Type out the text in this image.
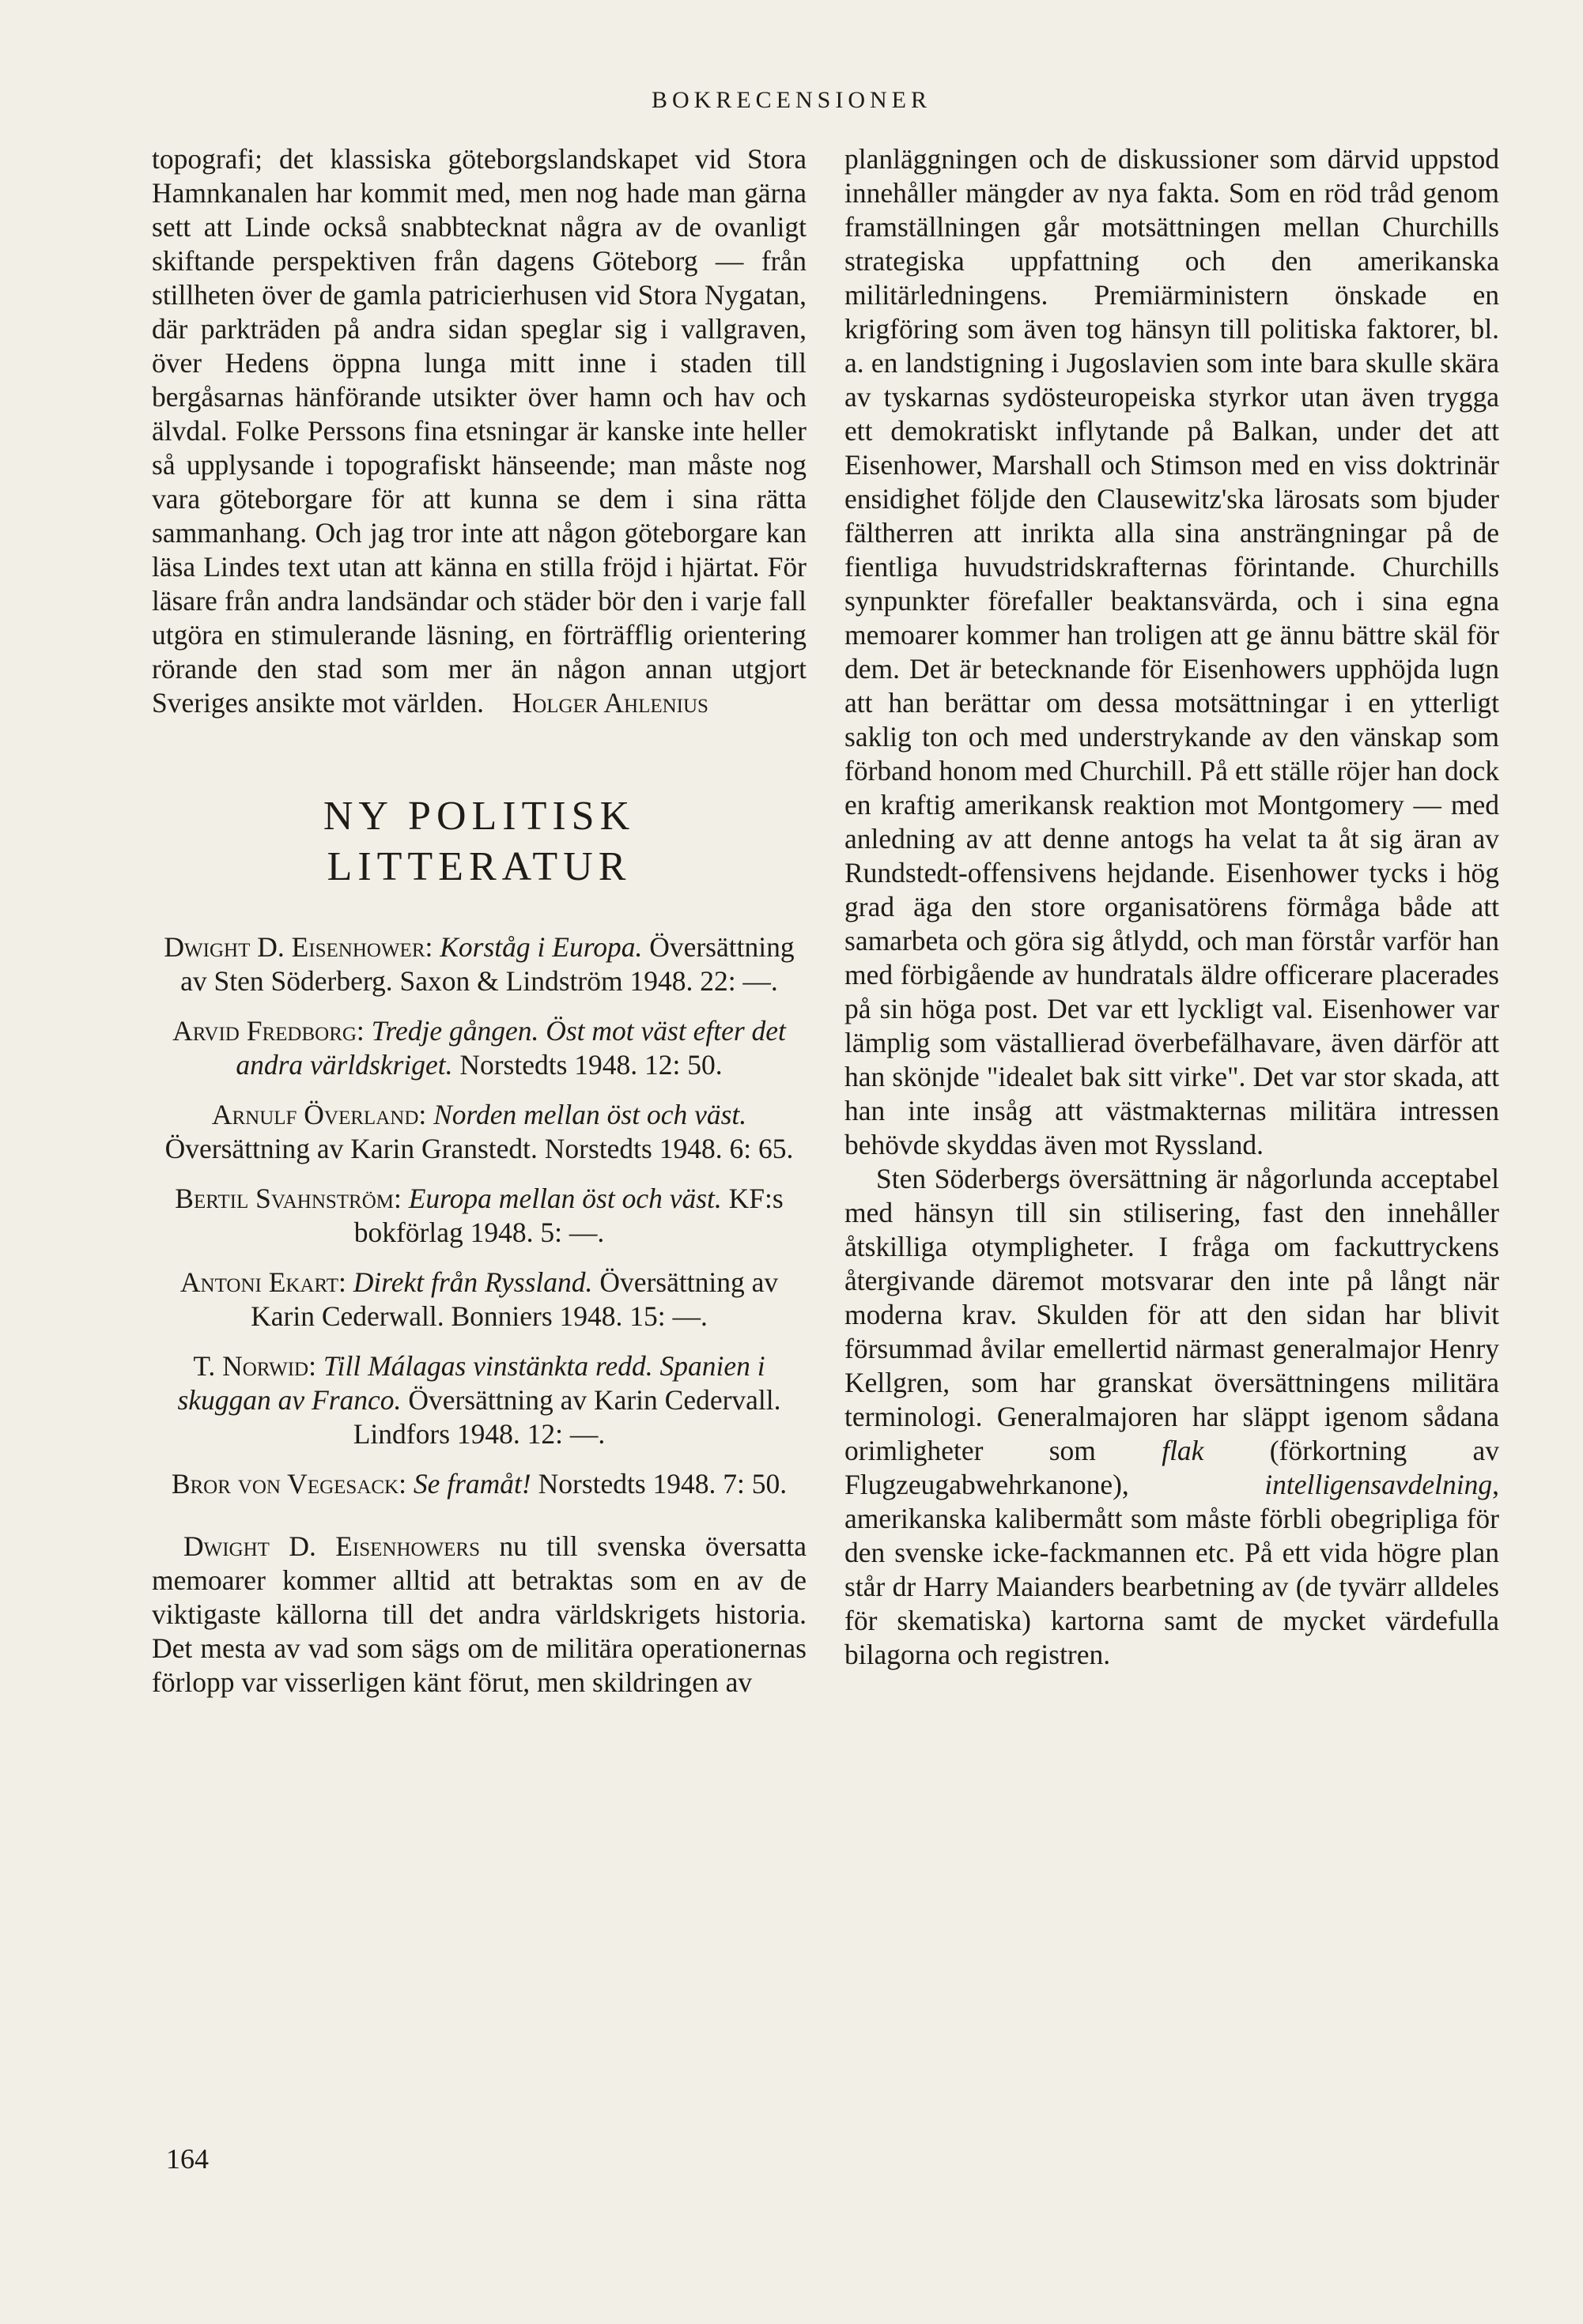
BOKRECENSIONER

topografi; det klassiska göteborgslandskapet vid Stora Hamnkanalen har kommit med, men nog hade man gärna sett att Linde också snabbtecknat några av de ovanligt skiftande perspektiven från dagens Göteborg — från stillheten över de gamla patricierhusen vid Stora Nygatan, där parkträden på andra sidan speglar sig i vallgraven, över Hedens öppna lunga mitt inne i staden till bergåsarnas hänförande utsikter över hamn och hav och älvdal. Folke Perssons fina etsningar är kanske inte heller så upplysande i topografiskt hänseende; man måste nog vara göteborgare för att kunna se dem i sina rätta sammanhang. Och jag tror inte att någon göteborgare kan läsa Lindes text utan att känna en stilla fröjd i hjärtat. För läsare från andra landsändar och städer bör den i varje fall utgöra en stimulerande läsning, en förträfflig orientering rörande den stad som mer än någon annan utgjort Sveriges ansikte mot världen. Holger Ahlenius

NY POLITISK
LITTERATUR
Dwight D. Eisenhower: Korståg i Europa. Översättning av Sten Söderberg. Saxon & Lindström 1948. 22: —.
Arvid Fredborg: Tredje gången. Öst mot väst efter det andra världskriget. Norstedts 1948. 12: 50.
Arnulf Överland: Norden mellan öst och väst. Översättning av Karin Granstedt. Norstedts 1948. 6: 65.
Bertil Svahnström: Europa mellan öst och väst. KF:s bokförlag 1948. 5: —.
Antoni Ekart: Direkt från Ryssland. Översättning av Karin Cederwall. Bonniers 1948. 15: —.
T. Norwid: Till Málagas vinstänkta redd. Spanien i skuggan av Franco. Översättning av Karin Cedervall. Lindfors 1948. 12: —.
Bror von Vegesack: Se framåt! Norstedts 1948. 7: 50.

Dwight D. Eisenhowers nu till svenska översatta memoarer kommer alltid att betraktas som en av de viktigaste källorna till det andra världskrigets historia. Det mesta av vad som sägs om de militära operationernas förlopp var visserligen känt förut, men skildringen av

planläggningen och de diskussioner som därvid uppstod innehåller mängder av nya fakta. Som en röd tråd genom framställningen går motsättningen mellan Churchills strategiska uppfattning och den amerikanska militärledningens. Premiärministern önskade en krigföring som även tog hänsyn till politiska faktorer, bl. a. en landstigning i Jugoslavien som inte bara skulle skära av tyskarnas sydösteuropeiska styrkor utan även trygga ett demokratiskt inflytande på Balkan, under det att Eisenhower, Marshall och Stimson med en viss doktrinär ensidighet följde den Clausewitz'ska lärosats som bjuder fältherren att inrikta alla sina ansträngningar på de fientliga huvudstridskrafternas förintande. Churchills synpunkter förefaller beaktansvärda, och i sina egna memoarer kommer han troligen att ge ännu bättre skäl för dem. Det är betecknande för Eisenhowers upphöjda lugn att han berättar om dessa motsättningar i en ytterligt saklig ton och med understrykande av den vänskap som förband honom med Churchill. På ett ställe röjer han dock en kraftig amerikansk reaktion mot Montgomery — med anledning av att denne antogs ha velat ta åt sig äran av Rundstedt-offensivens hejdande. Eisenhower tycks i hög grad äga den store organisatörens förmåga både att samarbeta och göra sig åtlydd, och man förstår varför han med förbigående av hundratals äldre officerare placerades på sin höga post. Det var ett lyckligt val. Eisenhower var lämplig som västallierad överbefälhavare, även därför att han skönjde "idealet bak sitt virke". Det var stor skada, att han inte insåg att västmakternas militära intressen behövde skyddas även mot Ryssland.

Sten Söderbergs översättning är någorlunda acceptabel med hänsyn till sin stilisering, fast den innehåller åtskilliga otympligheter. I fråga om fackuttryckens återgivande däremot motsvarar den inte på långt när moderna krav. Skulden för att den sidan har blivit försummad åvilar emellertid närmast generalmajor Henry Kellgren, som har granskat översättningens militära terminologi. Generalmajoren har släppt igenom sådana orimligheter som flak (förkortning av Flugzeugabwehrkanone), intelligensavdelning, amerikanska kalibermått som måste förbli obegripliga för den svenske icke-fackmannen etc. På ett vida högre plan står dr Harry Maianders bearbetning av (de tyvärr alldeles för skematiska) kartorna samt de mycket värdefulla bilagorna och registren.

164
